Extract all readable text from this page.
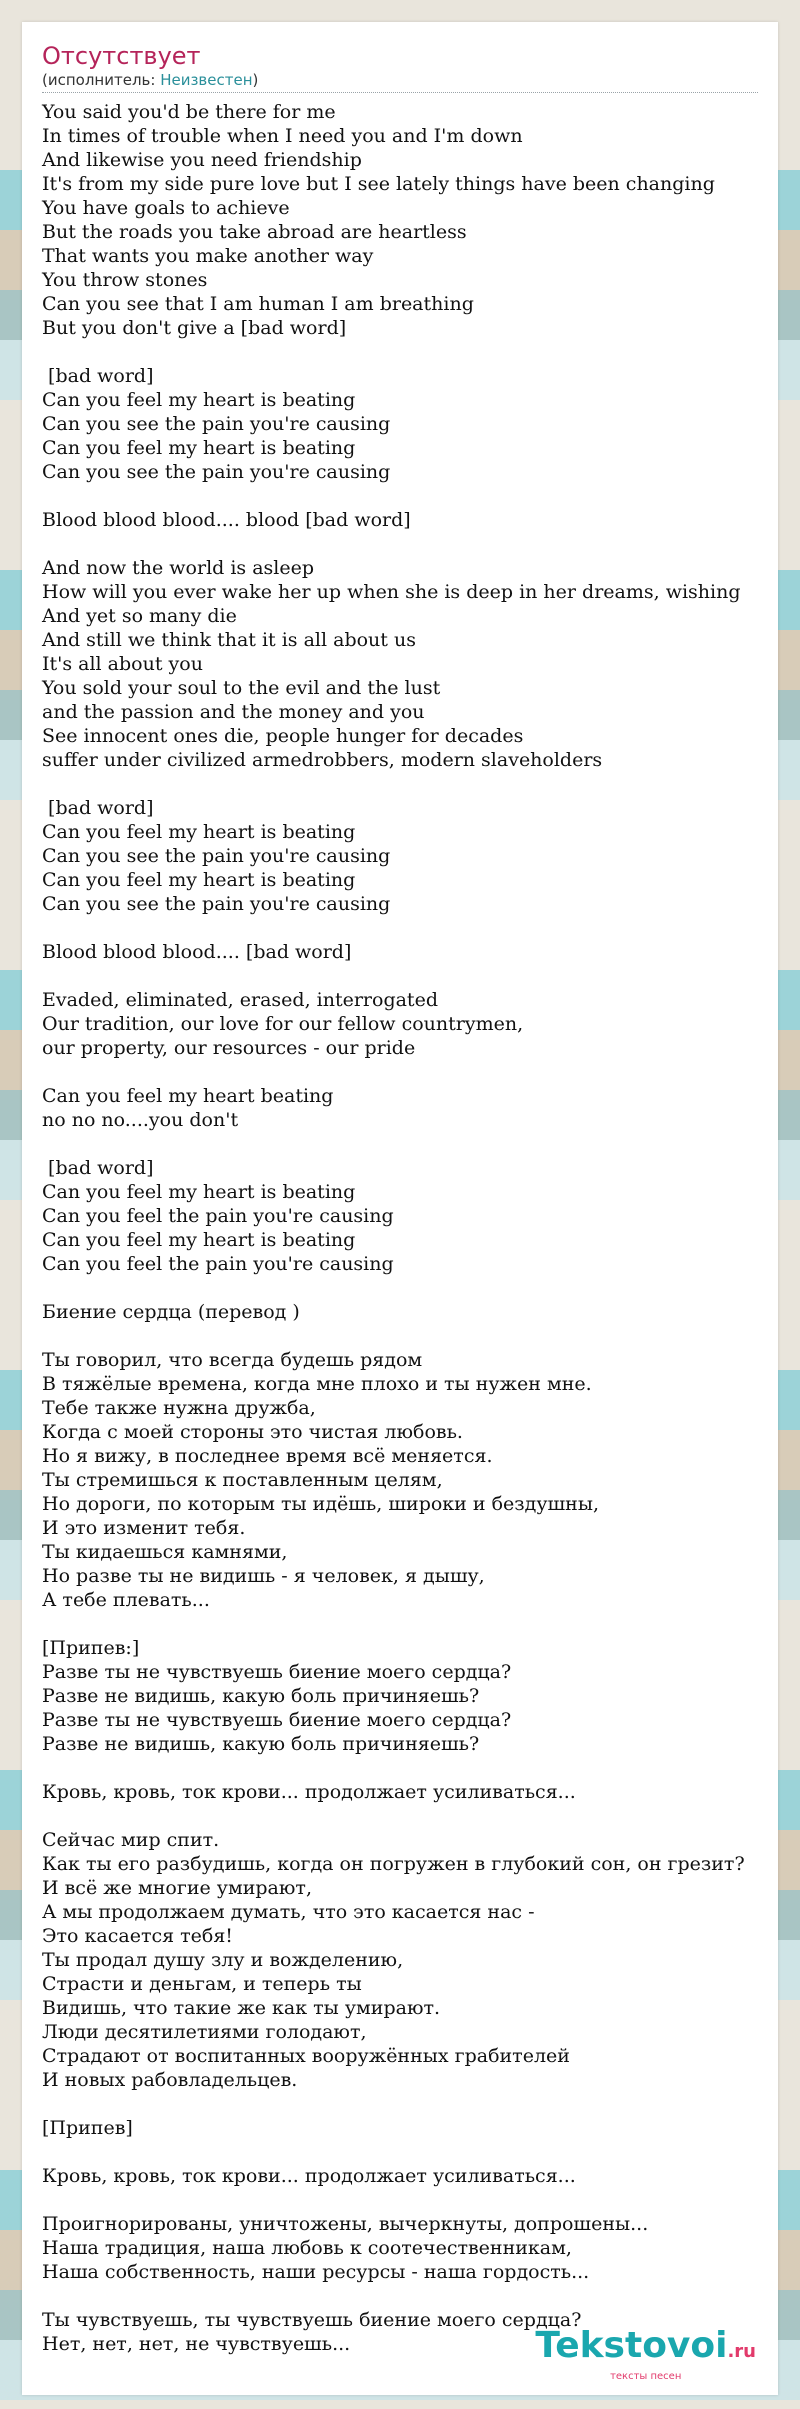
Отсутствует
(исполнитель: Неизвестен)
You said you'd be there for me
In times of trouble when I need you and I'm down
And likewise you need friendship
It's from my side pure love but I see lately things have been changing
You have goals to achieve
But the roads you take abroad are heartless
That wants you make another way
You throw stones
Can you see that I am human I am breathing
But you don't give a [bad word]

[bad word]
Can you feel my heart is beating
Can you see the pain you're causing
Can you feel my heart is beating
Can you see the pain you're causing

Blood blood blood.... blood [bad word]

And now the world is asleep
How will you ever wake her up when she is deep in her dreams, wishing
And yet so many die
And still we think that it is all about us
It's all about you
You sold your soul to the evil and the lust
and the passion and the money and you
See innocent ones die, people hunger for decades
suffer under civilized armedrobbers, modern slaveholders

[bad word]
Can you feel my heart is beating
Can you see the pain you're causing
Can you feel my heart is beating
Can you see the pain you're causing

Blood blood blood.... [bad word]

Evaded, eliminated, erased, interrogated
Our tradition, our love for our fellow countrymen,
our property, our resources - our pride

Can you feel my heart beating
no no no....you don't

[bad word]
Can you feel my heart is beating
Can you feel the pain you're causing
Can you feel my heart is beating
Can you feel the pain you're causing

Биение сердца (перевод )

Ты говорил, что всегда будешь рядом
В тяжёлые времена, когда мне плохо и ты нужен мне.
Тебе также нужна дружба,
Когда с моей стороны это чистая любовь.
Но я вижу, в последнее время всё меняется.
Ты стремишься к поставленным целям,
Но дороги, по которым ты идёшь, широки и бездушны,
И это изменит тебя.
Ты кидаешься камнями,
Но разве ты не видишь - я человек, я дышу,
А тебе плевать...

[Припев:]
Разве ты не чувствуешь биение моего сердца?
Разве не видишь, какую боль причиняешь?
Разве ты не чувствуешь биение моего сердца?
Разве не видишь, какую боль причиняешь?

Кровь, кровь, ток крови... продолжает усиливаться...

Сейчас мир спит.
Как ты его разбудишь, когда он погружен в глубокий сон, он грезит?
И всё же многие умирают,
А мы продолжаем думать, что это касается нас -
Это касается тебя!
Ты продал душу злу и вожделению,
Страсти и деньгам, и теперь ты
Видишь, что такие же как ты умирают.
Люди десятилетиями голодают,
Страдают от воспитанных вооружённых грабителей
И новых рабовладельцев.

[Припев]

Кровь, кровь, ток крови... продолжает усиливаться...

Проигнорированы, уничтожены, вычеркнуты, допрошены...
Наша традиция, наша любовь к соотечественникам,
Наша собственность, наши ресурсы - наша гордость...

Ты чувствуешь, ты чувствуешь биение моего сердца?
Нет, нет, нет, не чувствуешь...	Tekstovoi.ru
тексты песен
